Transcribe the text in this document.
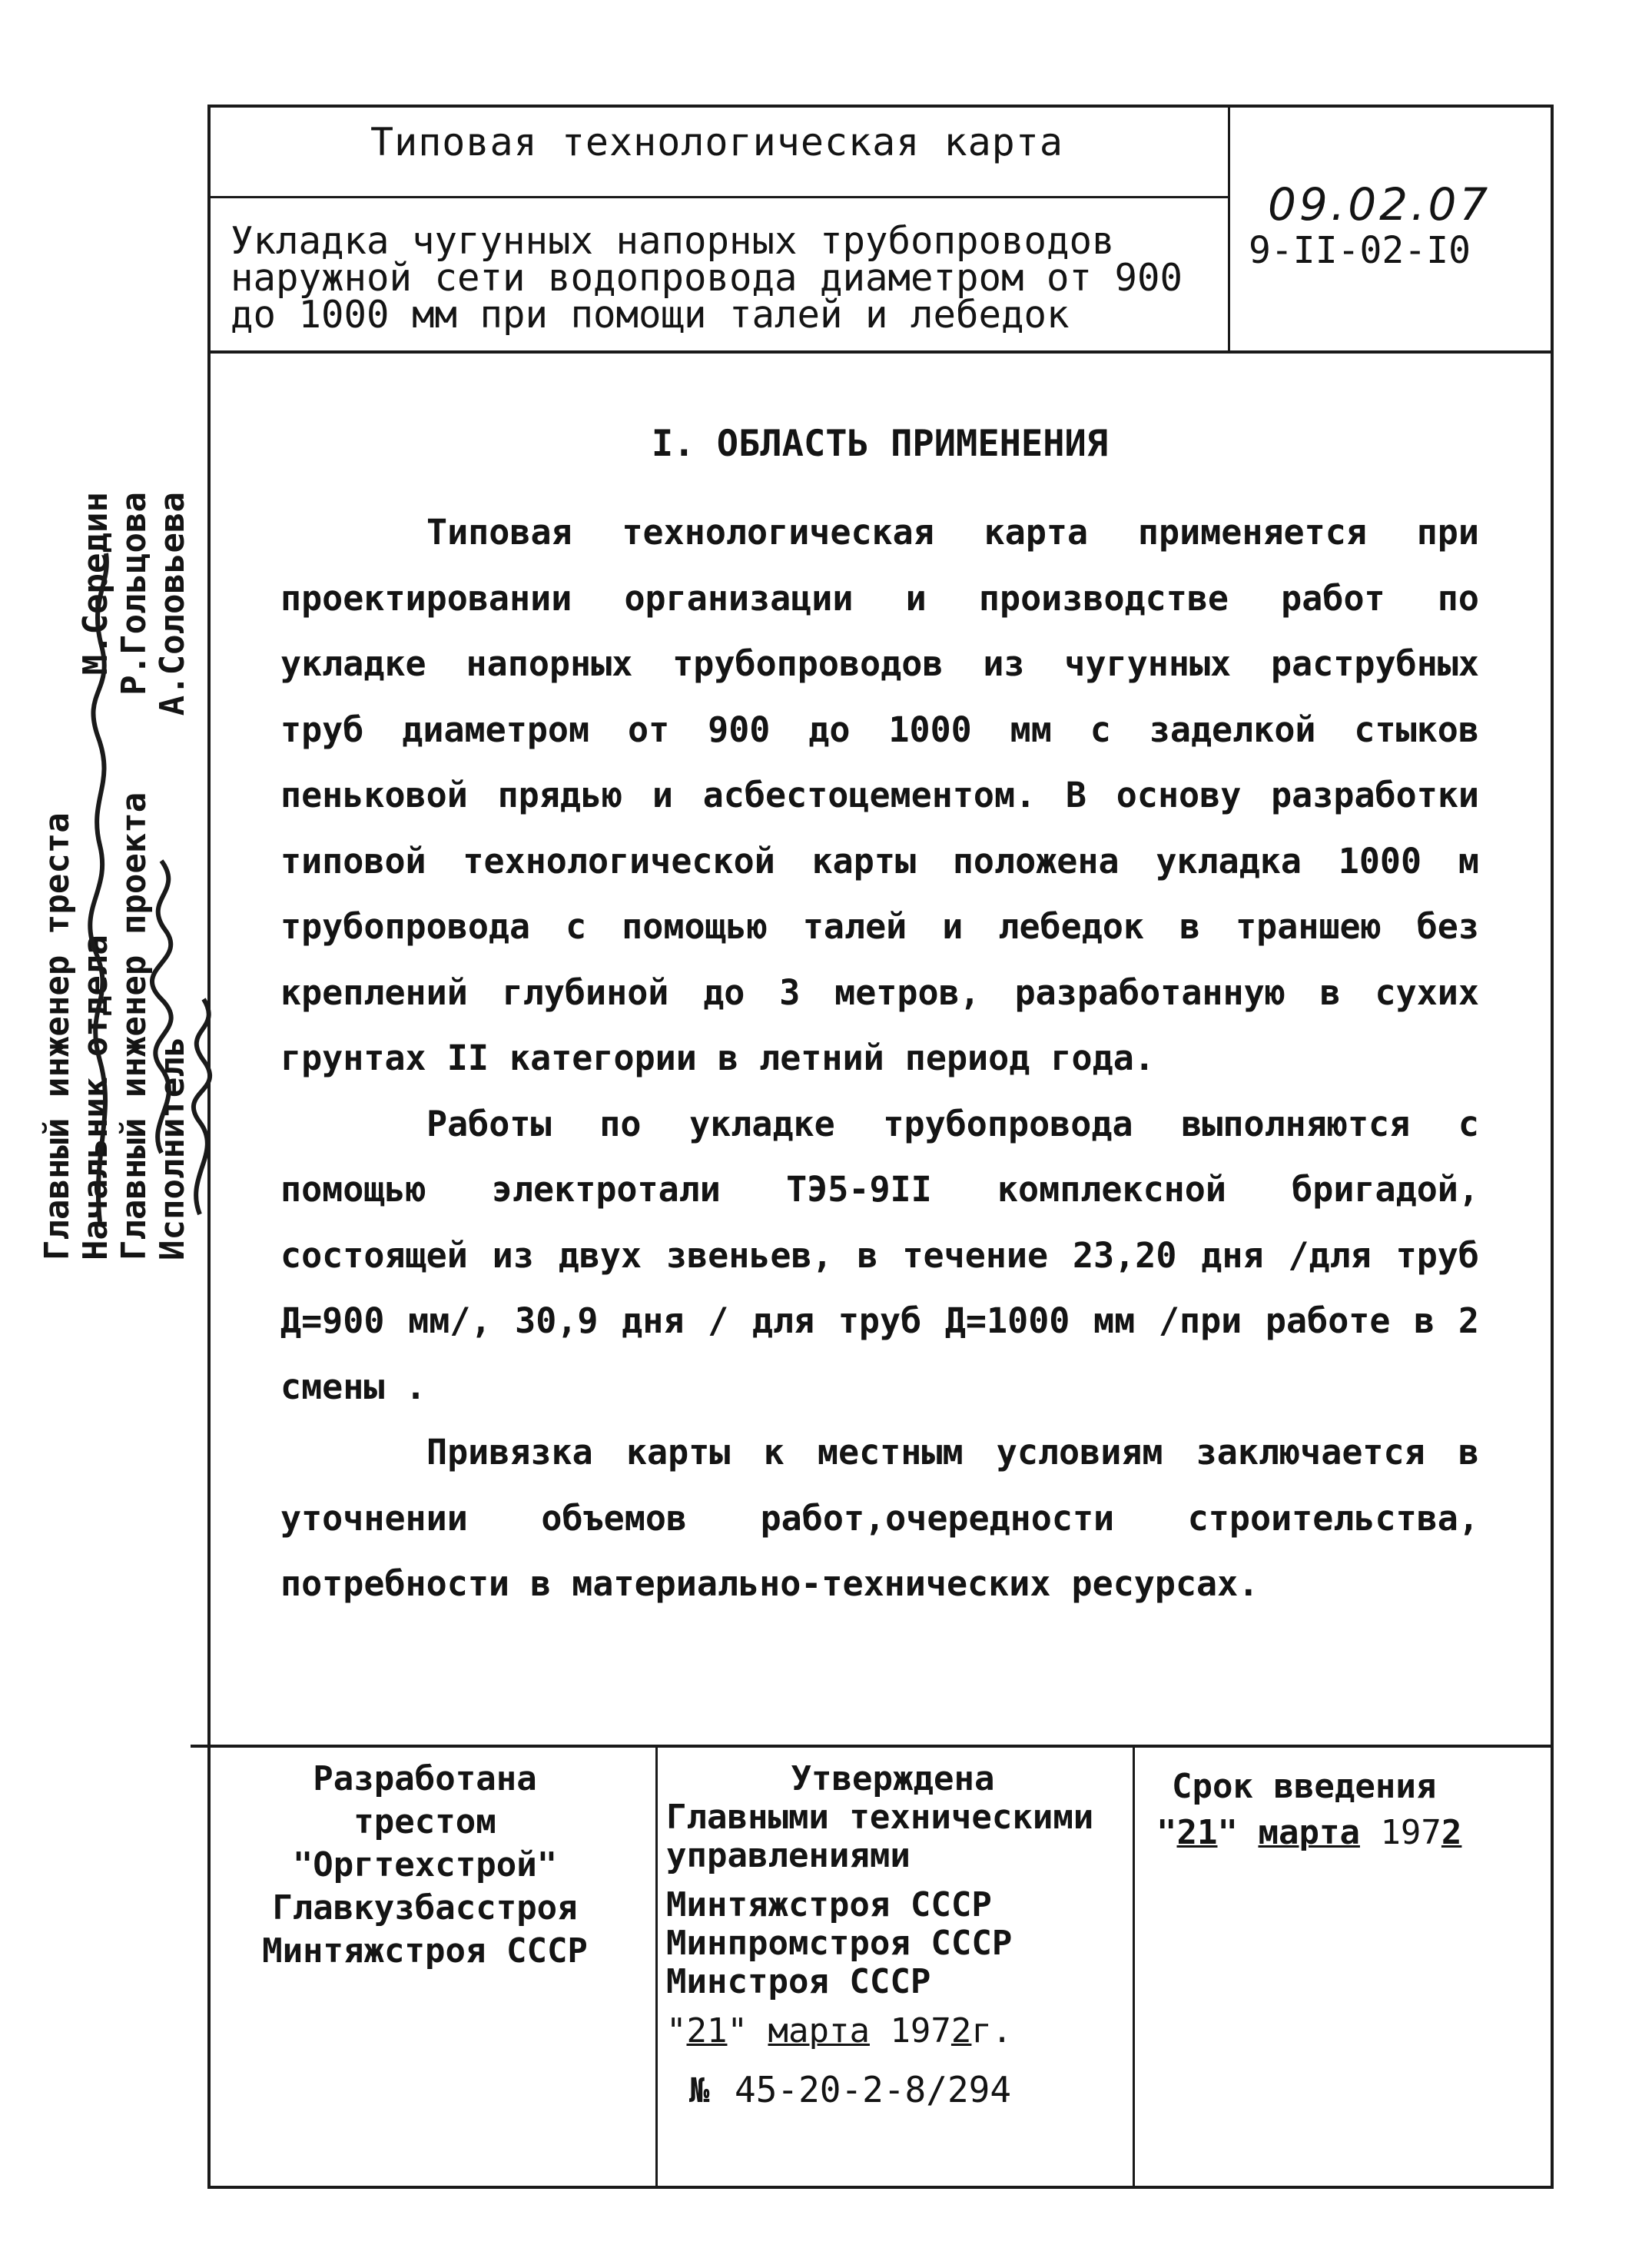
Типовая технологическая карта
Укладка чугунных напорных трубопроводов
наружной сети водопровода диаметром от 900
до 1000 мм при помощи талей и лебедок
09.02.07
9-II-02-I0
I. ОБЛАСТЬ ПРИМЕНЕНИЯ

Типовая технологическая карта применяется при проектировании организации и производстве работ по укладке напорных трубопроводов из чугунных раструбных труб диаметром от 900 до 1000 мм с заделкой стыков пеньковой прядью и асбестоцементом. В основу разработки типовой технологической карты положена укладка 1000 м трубопровода с помощью талей и лебедок в траншею без креплений глубиной до 3 метров, разработанную в сухих грунтах II категории в летний период года.

Работы по укладке трубопровода выполняются с помощью электротали ТЭ5-9II комплексной бригадой, состоящей из двух звеньев, в течение 23,20 дня /для труб Д=900 мм/, 30,9 дня / для труб Д=1000 мм /при работе в 2 смены .

Привязка карты к местным условиям заключается в уточнении объемов работ,очередности строительства, потребности в материально-технических ресурсах.

Главный инженер треста Начальник отдела Главный инженер проекта Исполнитель
М.Середин Р.Гольцова А.Соловьева
Разработана
трестом
"Оргтехстрой"
Главкузбасстроя
Минтяжстроя СССР
Утверждена
Главными техническими
управлениями
Минтяжстроя СССР
Минпромстроя СССР
Минстроя СССР
"21" марта 1972г.
№ 45-20-2-8/294
Срок введения
"21" марта 1972
